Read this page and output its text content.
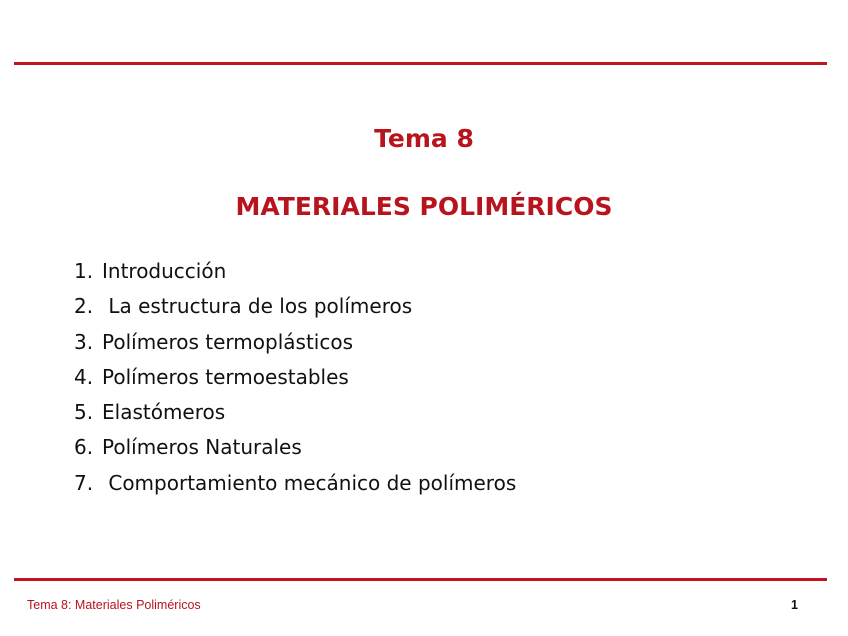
Tema 8
MATERIALES POLIMÉRICOS
1. Introducción
2. La estructura de los polímeros
3. Polímeros termoplásticos
4. Polímeros termoestables
5. Elastómeros
6. Polímeros Naturales
7. Comportamiento mecánico de polímeros
Tema 8: Materiales Poliméricos	1
